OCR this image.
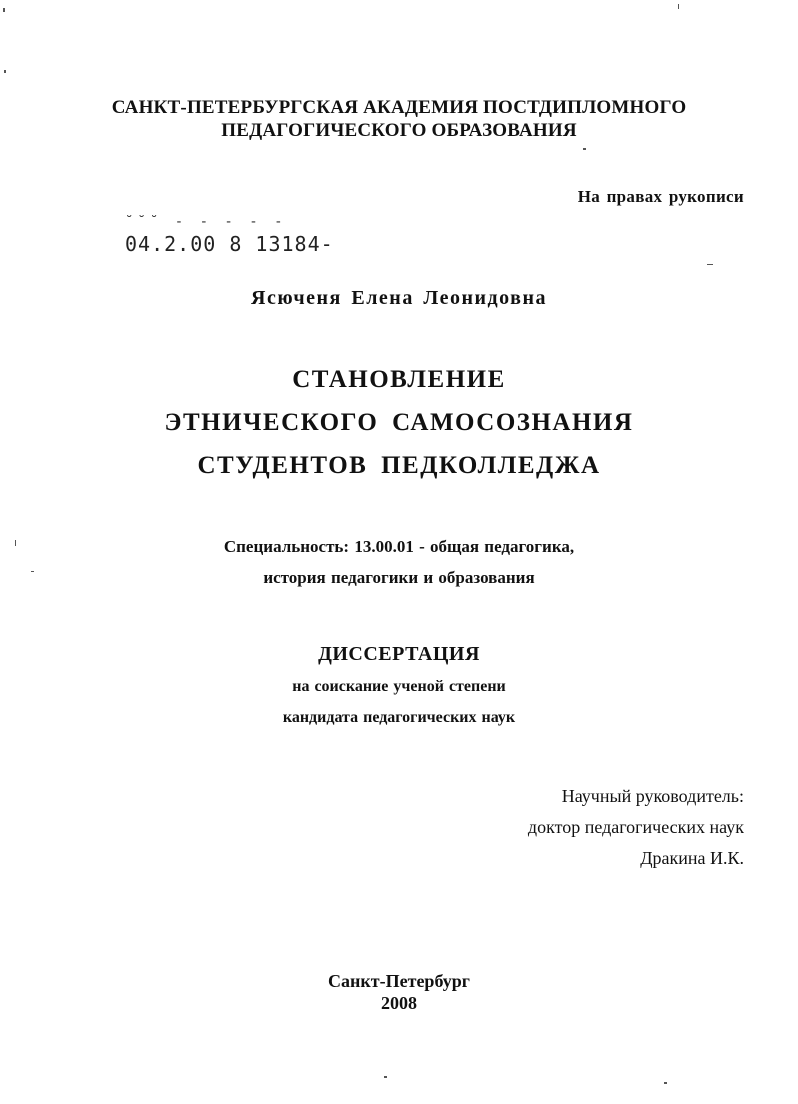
САНКТ-ПЕТЕРБУРГСКАЯ АКАДЕМИЯ ПОСТДИПЛОМНОГО
ПЕДАГОГИЧЕСКОГО ОБРАЗОВАНИЯ
На правах рукописи
˘˘˘ - - - - -
04.2.00 8 13184-
Ясюченя Елена Леонидовна
СТАНОВЛЕНИЕ
ЭТНИЧЕСКОГО САМОСОЗНАНИЯ
СТУДЕНТОВ ПЕДКОЛЛЕДЖА
Специальность: 13.00.01 - общая педагогика,
история педагогики и образования
ДИССЕРТАЦИЯ
на соискание ученой степени
кандидата педагогических наук
Научный руководитель:
доктор педагогических наук
Дракина И.К.
Санкт-Петербург
2008
